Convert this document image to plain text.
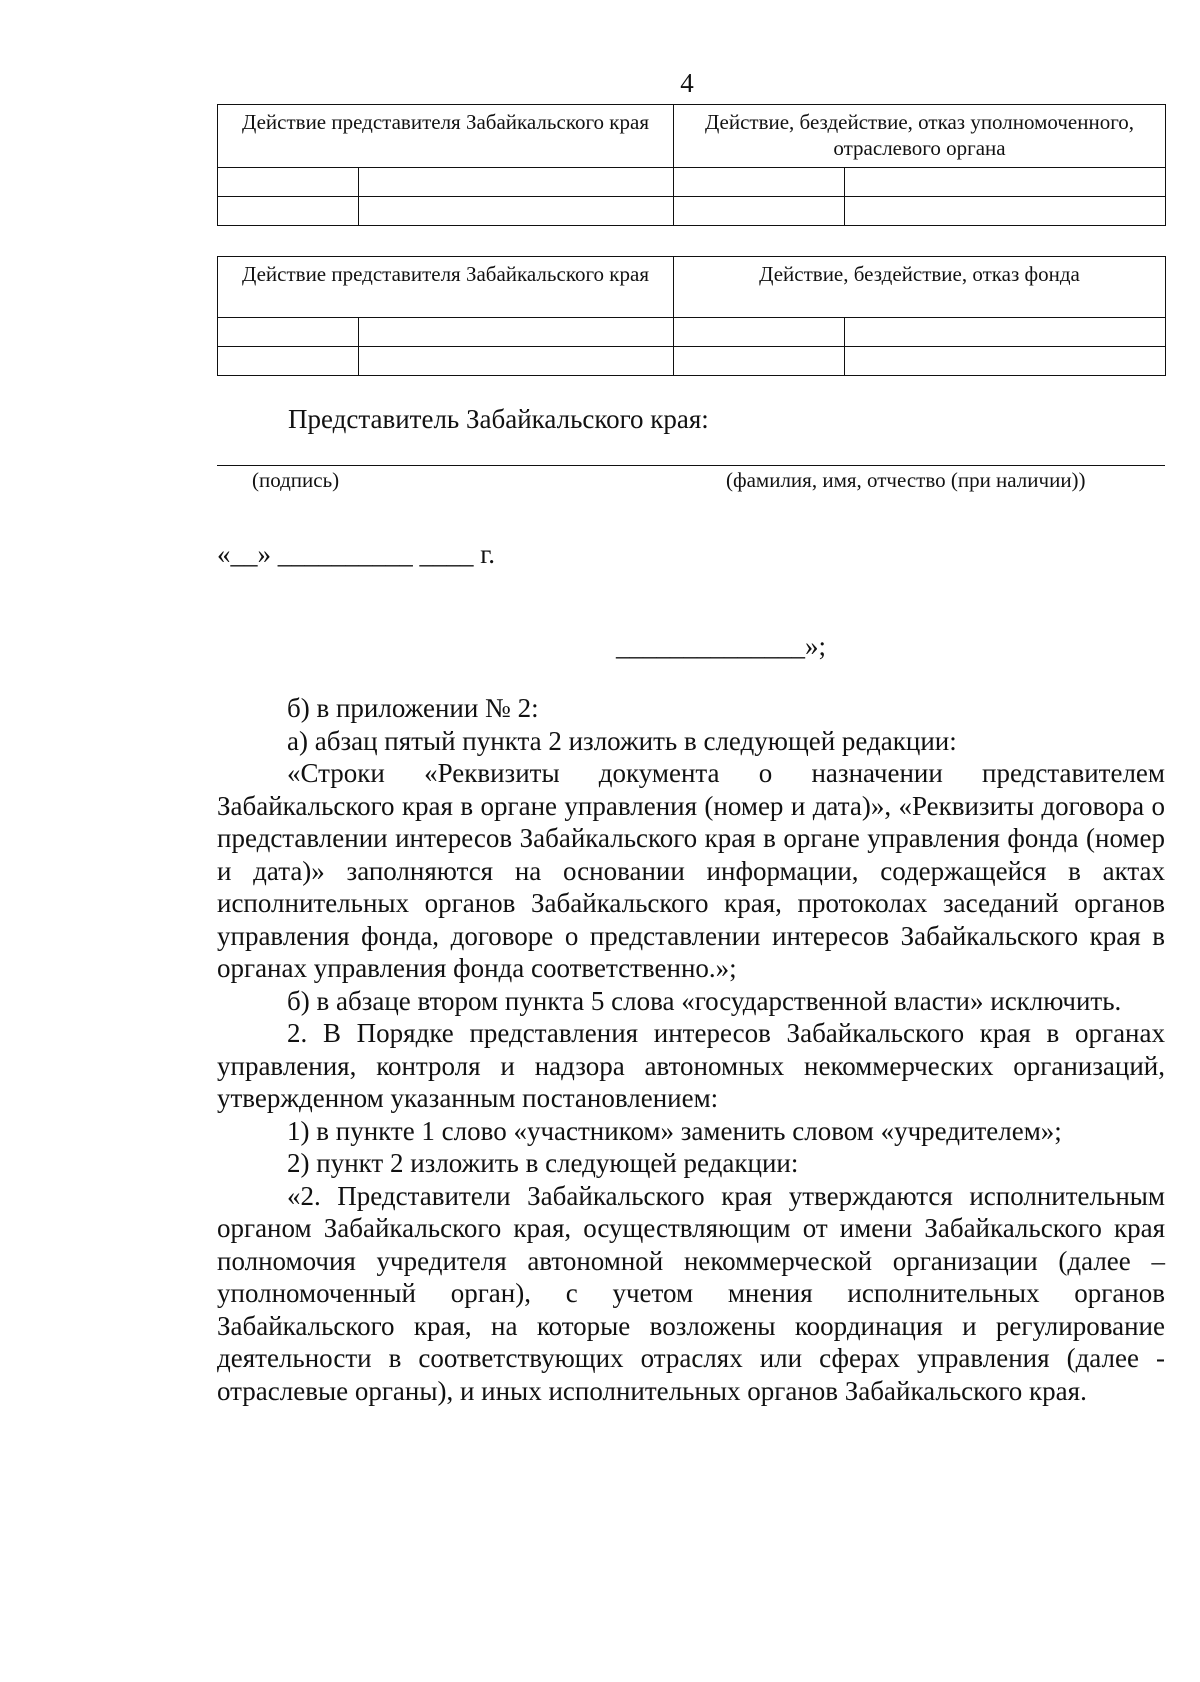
4
Действие представителя Забайкальского края		Действие, бездействие, отказ уполномоченного, отраслевого органа	

Действие представителя Забайкальского края		Действие, бездействие, отказ фонда	

Представитель Забайкальского края:
(подпись)	(фамилия, имя, отчество (при наличии))
«__» __________ ____ г.
______________»;

б) в приложении № 2:

а) абзац пятый пункта 2 изложить в следующей редакции:

«Строки «Реквизиты документа о назначении представителем Забайкальского края в органе управления (номер и дата)», «Реквизиты договора о представлении интересов Забайкальского края в органе управления фонда (номер и дата)» заполняются на основании информации, содержащейся в актах исполнительных органов Забайкальского края, протоколах заседаний органов управления фонда, договоре о представлении интересов Забайкальского края в органах управления фонда соответственно.»;

б) в абзаце втором пункта 5 слова «государственной власти» исключить.

2. В Порядке представления интересов Забайкальского края в органах управления, контроля и надзора автономных некоммерческих организаций, утвержденном указанным постановлением:

1) в пункте 1 слово «участником» заменить словом «учредителем»;

2) пункт 2 изложить в следующей редакции:

«2. Представители Забайкальского края утверждаются исполнительным органом Забайкальского края, осуществляющим от имени Забайкальского края полномочия учредителя автономной некоммерческой организации (далее – уполномоченный орган), с учетом мнения исполнительных органов Забайкальского края, на которые возложены координация и регулирование деятельности в соответствующих отраслях или сферах управления (далее - отраслевые органы), и иных исполнительных органов Забайкальского края.
